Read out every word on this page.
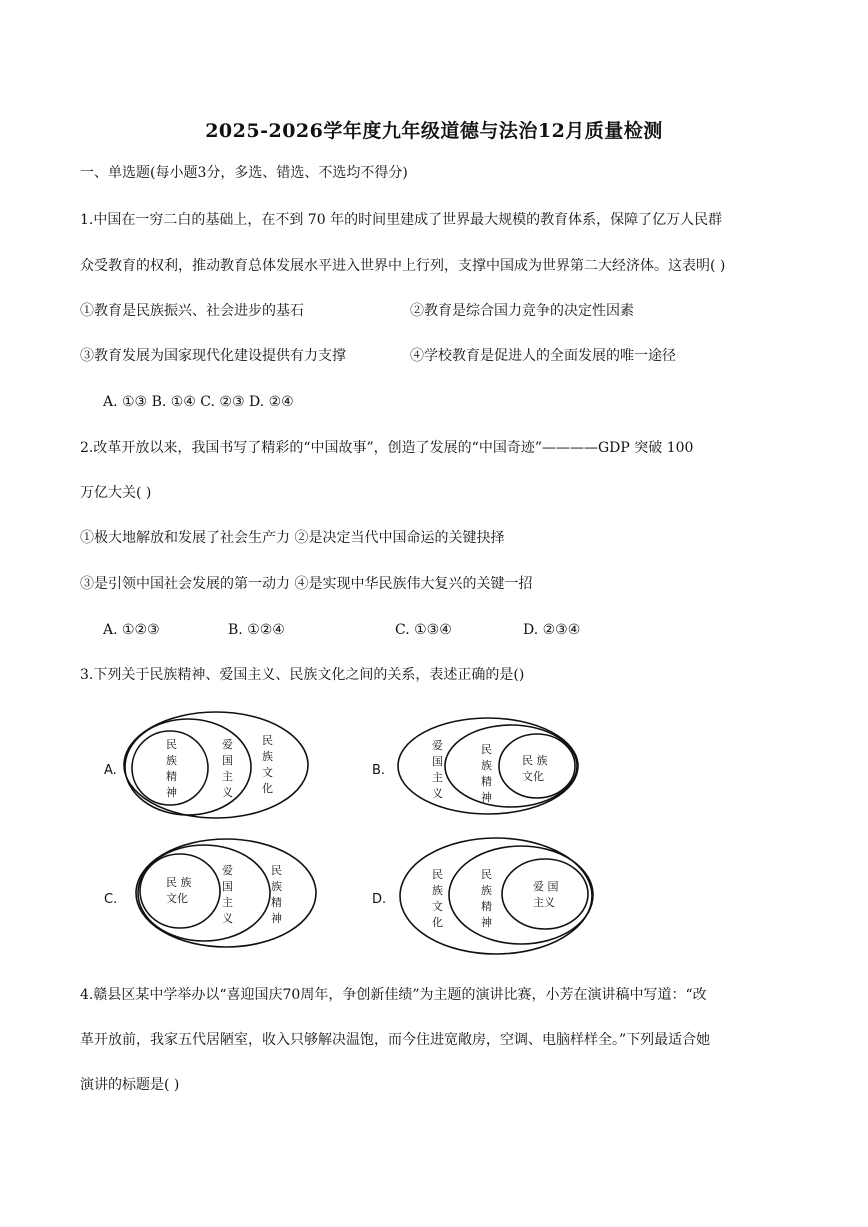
2025-2026学年度九年级道德与法治12月质量检测
一、单选题(每小题3分，多选、错选、不选均不得分)
1.中国在一穷二白的基础上，在不到 70 年的时间里建成了世界最大规模的教育体系，保障了亿万人民群
众受教育的权利，推动教育总体发展水平进入世界中上行列，支撑中国成为世界第二大经济体。这表明( )
①教育是民族振兴、社会进步的基石	②教育是综合国力竞争的决定性因素
③教育发展为国家现代化建设提供有力支撑	④学校教育是促进人的全面发展的唯一途径
A. ①③ B. ①④ C. ②③ D. ②④
2.改革开放以来，我国书写了精彩的“中国故事”，创造了发展的“中国奇迹”————GDP 突破 100
万亿大关( )
①极大地解放和发展了社会生产力 ②是决定当代中国命运的关键抉择
③是引领中国社会发展的第一动力 ④是实现中华民族伟大复兴的关键一招
A. ①②③	B. ①②④	C. ①③④	D. ②③④
3.下列关于民族精神、爱国主义、民族文化之间的关系，表述正确的是()
A.
民族精神
爱国主义
民族文化
B.
爱国主义
民族精神
民 族文化
C.
民 族文化
爱国主义
民族精神
D.
民族文化
民族精神
爱 国主义
4.赣县区某中学举办以“喜迎国庆70周年，争创新佳绩”为主题的演讲比赛，小芳在演讲稿中写道：“改
革开放前，我家五代居陋室，收入只够解决温饱，而今住进宽敞房，空调、电脑样样全。”下列最适合她
演讲的标题是( )
